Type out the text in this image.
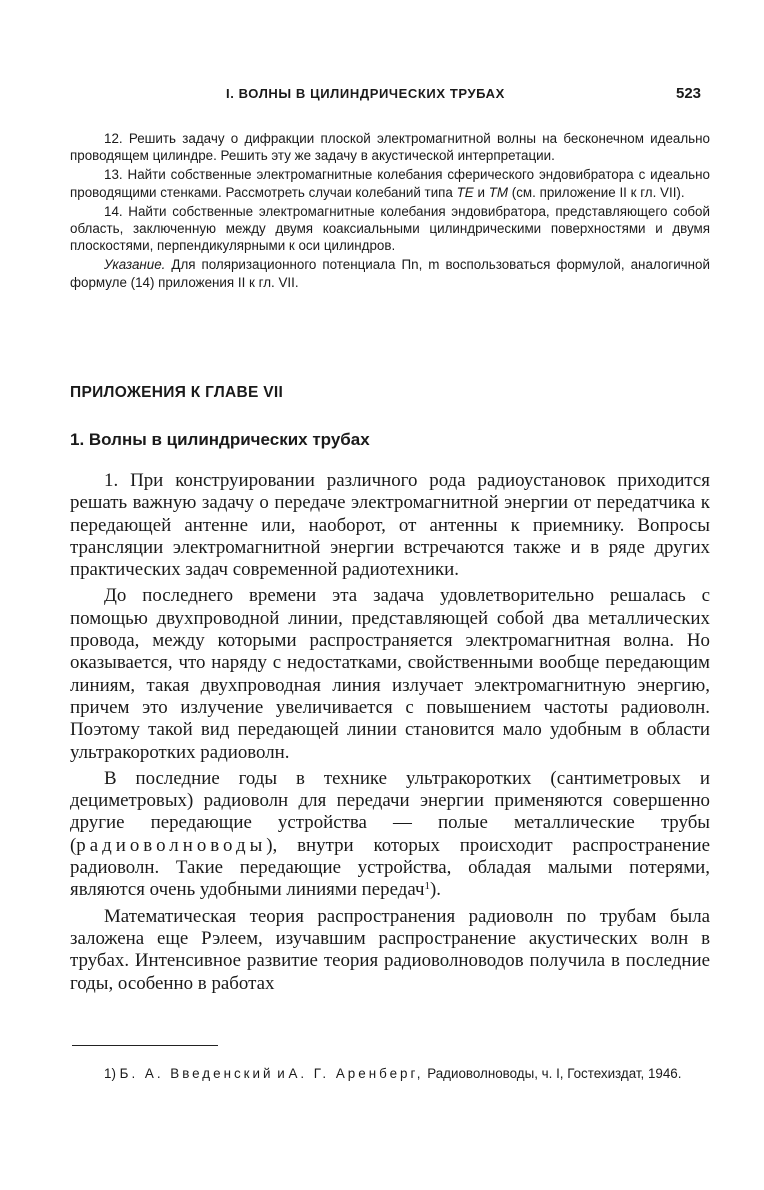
I. ВОЛНЫ В ЦИЛИНДРИЧЕСКИХ ТРУБАХ	523

12. Решить задачу о дифракции плоской электромагнитной волны на бесконечном идеально проводящем цилиндре. Решить эту же задачу в акустической интерпретации.

13. Найти собственные электромагнитные колебания сферического эндовибратора с идеально проводящими стенками. Рассмотреть случаи колебаний типа TE и TM (см. приложение II к гл. VII).

14. Найти собственные электромагнитные колебания эндовибратора, представляющего собой область, заключенную между двумя коаксиальными цилиндрическими поверхностями и двумя плоскостями, перпендикулярными к оси цилиндров.

Указание. Для поляризационного потенциала Πn, m воспользоваться формулой, аналогичной формуле (14) приложения II к гл. VII.

ПРИЛОЖЕНИЯ К ГЛАВЕ VII
1. Волны в цилиндрических трубах

1. При конструировании различного рода радиоустановок приходится решать важную задачу о передаче электромагнитной энергии от передатчика к передающей антенне или, наоборот, от антенны к приемнику. Вопросы трансляции электромагнитной энергии встречаются также и в ряде других практических задач современной радиотехники.

До последнего времени эта задача удовлетворительно решалась с помощью двухпроводной линии, представляющей собой два металлических провода, между которыми распространяется электромагнитная волна. Но оказывается, что наряду с недостатками, свойственными вообще передающим линиям, такая двухпроводная линия излучает электромагнитную энергию, причем это излучение увеличивается с повышением частоты радиоволн. Поэтому такой вид передающей линии становится мало удобным в области ультракоротких радиоволн.

В последние годы в технике ультракоротких (сантиметровых и дециметровых) радиоволн для передачи энергии применяются совершенно другие передающие устройства — полые металлические трубы (радиоволноводы), внутри которых происходит распространение радиоволн. Такие передающие устройства, обладая малыми потерями, являются очень удобными линиями передач$^1$).

Математическая теория распространения радиоволн по трубам была заложена еще Рэлеем, изучавшим распространение акустических волн в трубах. Интенсивное развитие теория радиоволноводов получила в последние годы, особенно в работах

1) Б. А. Введенский и А. Г. Аренберг, Радиоволноводы, ч. I, Гостехиздат, 1946.
